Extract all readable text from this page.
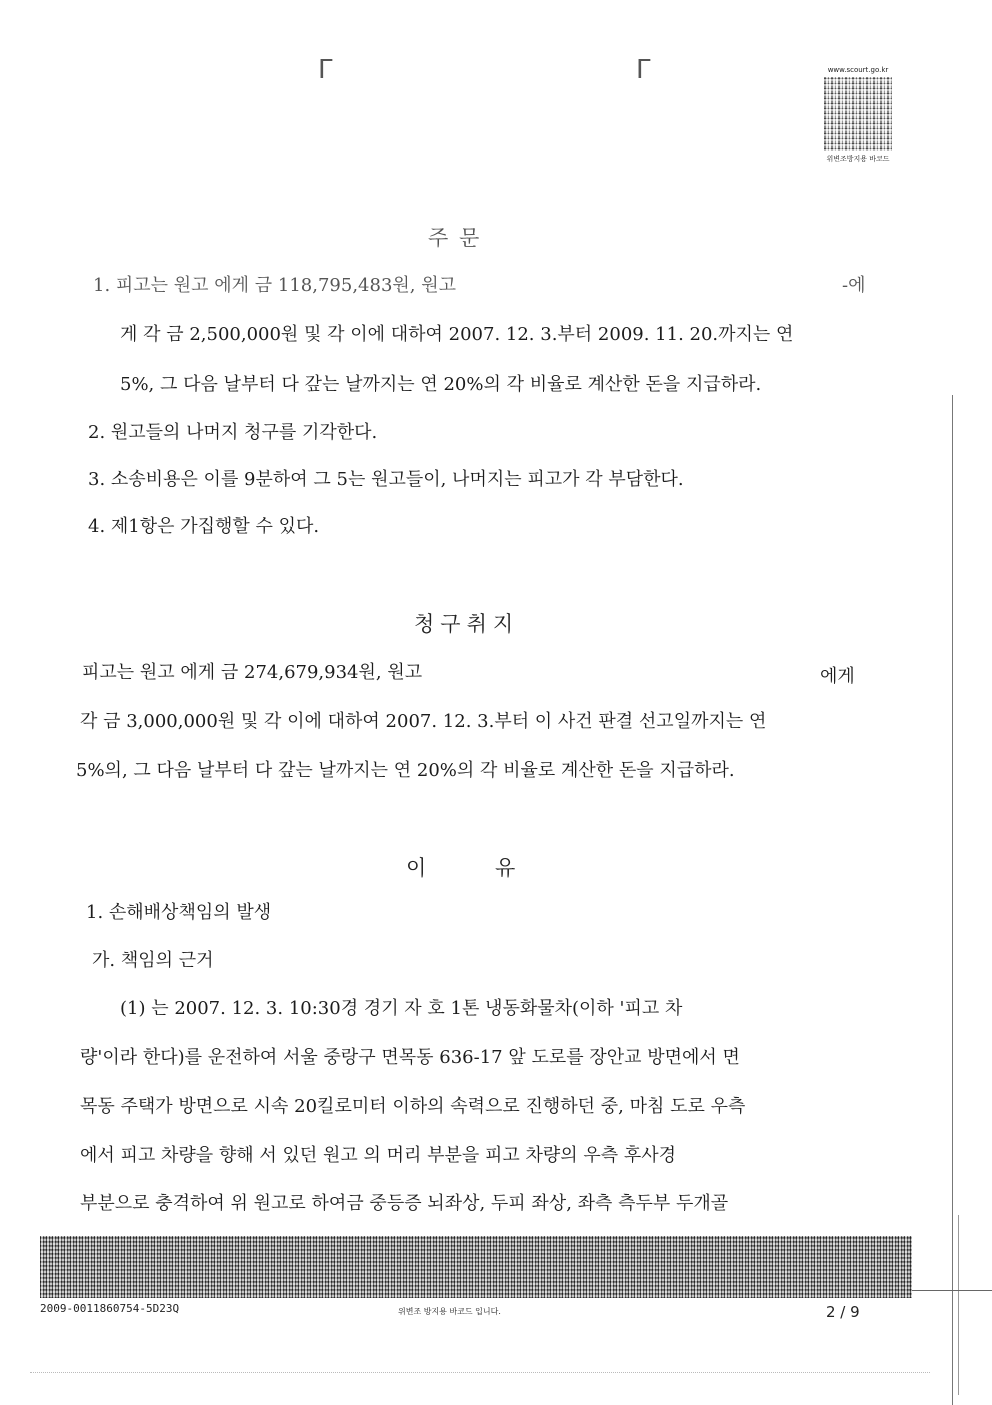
ᒥ	ᒥ	www.scourt.go.kr
위변조방지용 바코드
주 문
1. 피고는 원고 에게 금 118,795,483원, 원고	-에
게 각 금 2,500,000원 및 각 이에 대하여 2007. 12. 3.부터 2009. 11. 20.까지는 연
5%, 그 다음 날부터 다 갚는 날까지는 연 20%의 각 비율로 계산한 돈을 지급하라.
2. 원고들의 나머지 청구를 기각한다.
3. 소송비용은 이를 9분하여 그 5는 원고들이, 나머지는 피고가 각 부담한다.
4. 제1항은 가집행할 수 있다.
청구취지
피고는 원고 에게 금 274,679,934원, 원고	에게
각 금 3,000,000원 및 각 이에 대하여 2007. 12. 3.부터 이 사건 판결 선고일까지는 연
5%의, 그 다음 날부터 다 갚는 날까지는 연 20%의 각 비율로 계산한 돈을 지급하라.
이 유
1. 손해배상책임의 발생
가. 책임의 근거
(1) 는 2007. 12. 3. 10:30경 경기 자 호 1톤 냉동화물차(이하 '피고 차
량'이라 한다)를 운전하여 서울 중랑구 면목동 636-17 앞 도로를 장안교 방면에서 면
목동 주택가 방면으로 시속 20킬로미터 이하의 속력으로 진행하던 중, 마침 도로 우측
에서 피고 차량을 향해 서 있던 원고 의 머리 부분을 피고 차량의 우측 후사경
부분으로 충격하여 위 원고로 하여금 중등증 뇌좌상, 두피 좌상, 좌측 측두부 두개골
2009-0011860754-5D23Q	위변조 방지용 바코드 입니다.	2 / 9
